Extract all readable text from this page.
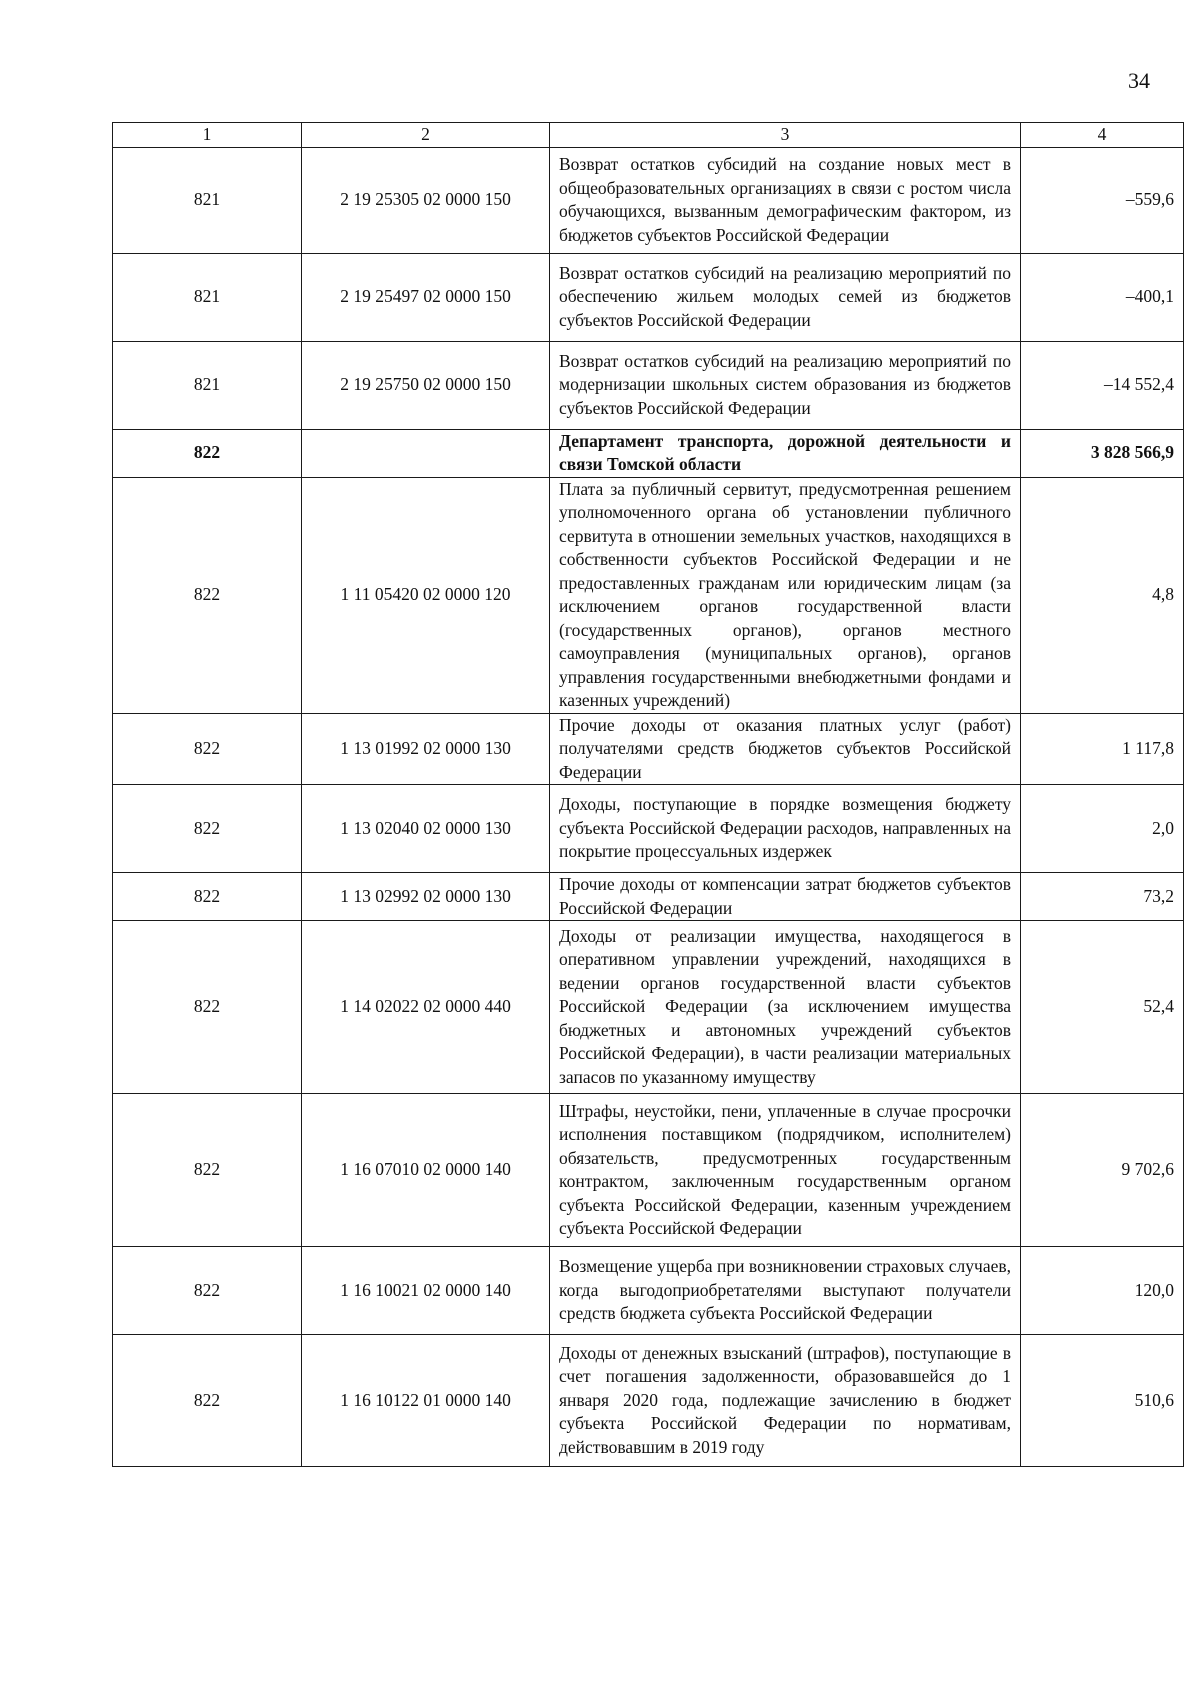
34
1	2	3	4
821	2 19 25305 02 0000 150	Возврат остатков субсидий на создание новых мест в общеобразовательных организациях в связи с ростом числа обучающихся, вызванным демографическим фактором, из бюджетов субъектов Российской Федерации	–559,6
821	2 19 25497 02 0000 150	Возврат остатков субсидий на реализацию мероприятий по обеспечению жильем молодых семей из бюджетов субъектов Российской Федерации	–400,1
821	2 19 25750 02 0000 150	Возврат остатков субсидий на реализацию мероприятий по модернизации школьных систем образования из бюджетов субъектов Российской Федерации	–14 552,4
822		Департамент транспорта, дорожной деятельности и связи Томской области	3 828 566,9
822	1 11 05420 02 0000 120	Плата за публичный сервитут, предусмотренная решением уполномоченного органа об установлении публичного сервитута в отношении земельных участков, находящихся в собственности субъектов Российской Федерации и не предоставленных гражданам или юридическим лицам (за исключением органов государственной власти (государственных органов), органов местного самоуправления (муниципальных органов), органов управления государственными внебюджетными фондами и казенных учреждений)	4,8
822	1 13 01992 02 0000 130	Прочие доходы от оказания платных услуг (работ) получателями средств бюджетов субъектов Российской Федерации	1 117,8
822	1 13 02040 02 0000 130	Доходы, поступающие в порядке возмещения бюджету субъекта Российской Федерации расходов, направленных на покрытие процессуальных издержек	2,0
822	1 13 02992 02 0000 130	Прочие доходы от компенсации затрат бюджетов субъектов Российской Федерации	73,2
822	1 14 02022 02 0000 440	Доходы от реализации имущества, находящегося в оперативном управлении учреждений, находящихся в ведении органов государственной власти субъектов Российской Федерации (за исключением имущества бюджетных и автономных учреждений субъектов Российской Федерации), в части реализации материальных запасов по указанному имуществу	52,4
822	1 16 07010 02 0000 140	Штрафы, неустойки, пени, уплаченные в случае просрочки исполнения поставщиком (подрядчиком, исполнителем) обязательств, предусмотренных государственным контрактом, заключенным государственным органом субъекта Российской Федерации, казенным учреждением субъекта Российской Федерации	9 702,6
822	1 16 10021 02 0000 140	Возмещение ущерба при возникновении страховых случаев, когда выгодоприобретателями выступают получатели средств бюджета субъекта Российской Федерации	120,0
822	1 16 10122 01 0000 140	Доходы от денежных взысканий (штрафов), поступающие в счет погашения задолженности, образовавшейся до 1 января 2020 года, подлежащие зачислению в бюджет субъекта Российской Федерации по нормативам, действовавшим в 2019 году	510,6
